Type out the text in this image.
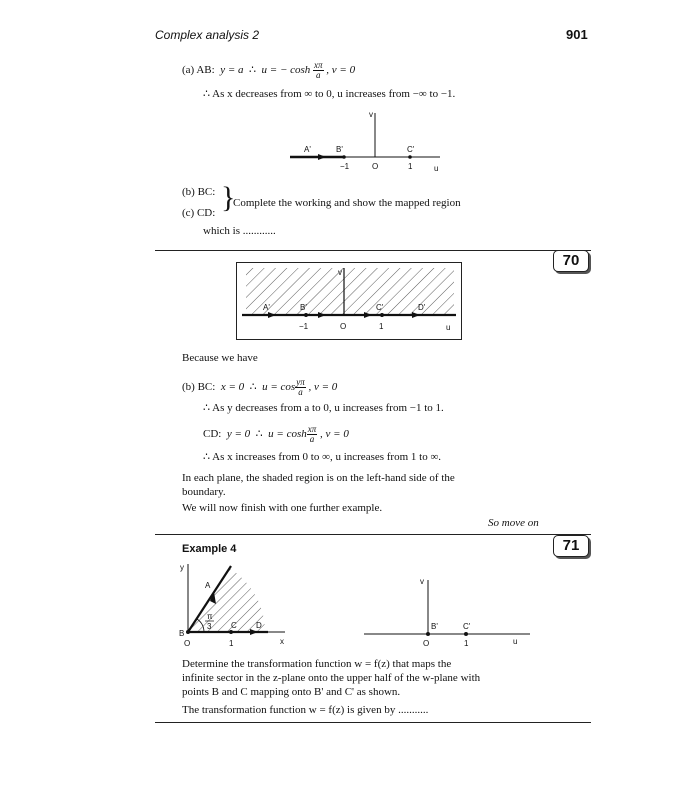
Complex analysis 2	901
(a) AB: y = a ∴ u = − $\cosh \frac{x\pi}{a}$ , v = 0
∴ As x decreases from ∞ to 0, u increases from −∞ to −1.
v
u
A'	B'	C'
−1	O	1
(b) BC:
(c) CD: }
Complete the working and show the mapped region
which is ............
70
v
u
A'	B'	C'	D'
−1	O	1
Because we have
(b) BC: x = 0 ∴ $u = \cos \frac{y\pi}{a}$ , v = 0
∴ As y decreases from a to 0, u increases from −1 to 1.
CD: y = 0 ∴ $u = \cosh \frac{x\pi}{a}$ , v = 0
∴ As x increases from 0 to ∞, u increases from 1 to ∞.
In each plane, the shaded region is on the left-hand side of the
boundary.
We will now finish with one further example.
So move on
71
Example 4
y
x
A
B
C D
π
3
O	1
v
u
B'	C'
O	1
Determine the transformation function w = f(z) that maps the
infinite sector in the z-plane onto the upper half of the w-plane with
points B and C mapping onto B' and C' as shown.
The transformation function w = f(z) is given by ...........
